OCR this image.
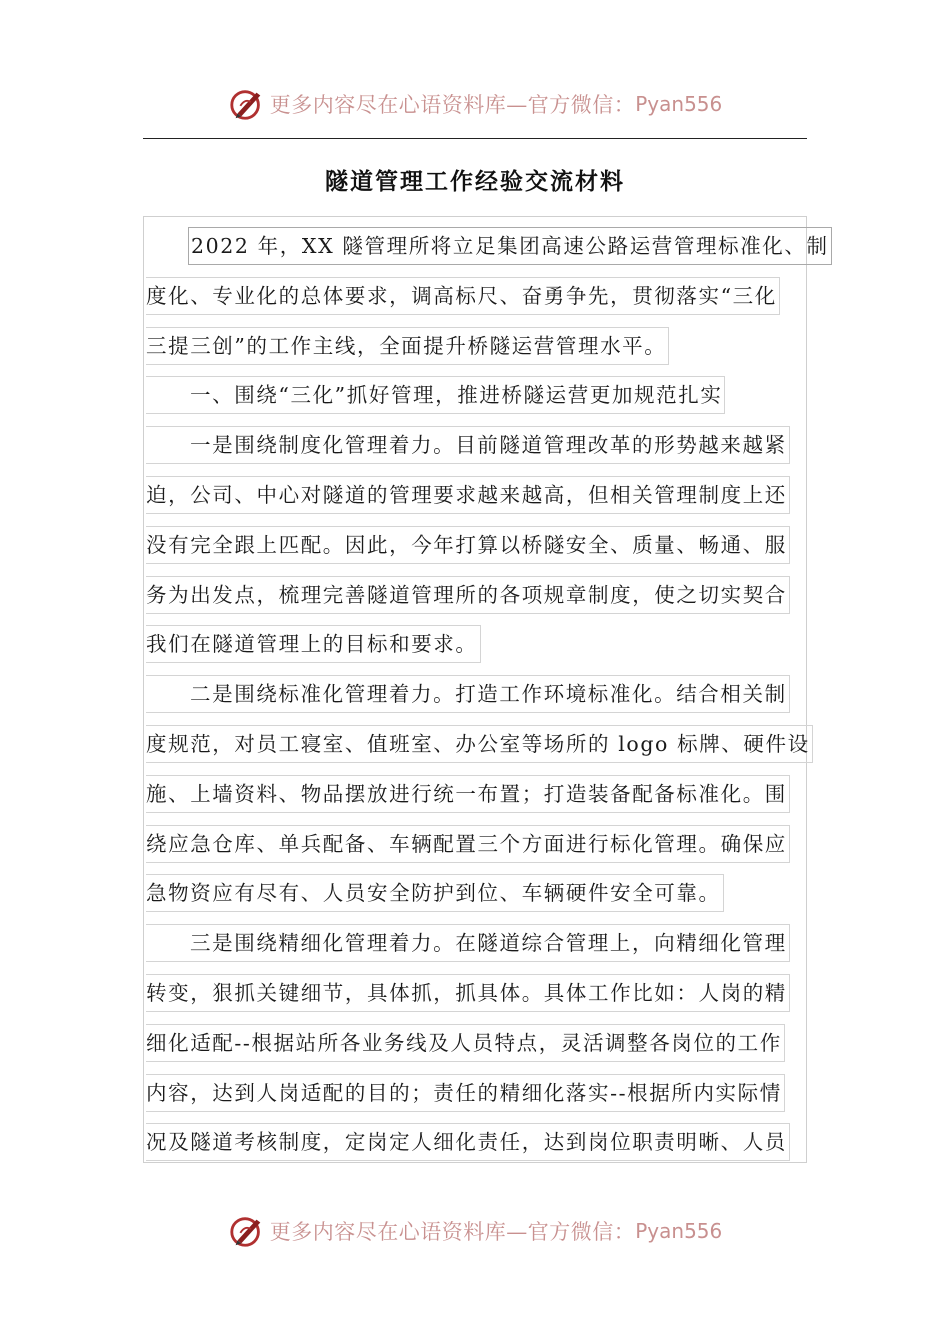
更多内容尽在心语资料库—官方微信： Pyan556
隧道管理工作经验交流材料
2022 年，XX 隧管理所将立足集团高速公路运营管理标准化、制
度化、专业化的总体要求，调高标尺、奋勇争先，贯彻落实“三化
三提三创”的工作主线，全面提升桥隧运营管理水平。
一、围绕“三化”抓好管理，推进桥隧运营更加规范扎实
一是围绕制度化管理着力。目前隧道管理改革的形势越来越紧
迫，公司、中心对隧道的管理要求越来越高，但相关管理制度上还
没有完全跟上匹配。因此，今年打算以桥隧安全、质量、畅通、服
务为出发点，梳理完善隧道管理所的各项规章制度，使之切实契合
我们在隧道管理上的目标和要求。
二是围绕标准化管理着力。打造工作环境标准化。结合相关制
度规范，对员工寝室、值班室、办公室等场所的 logo 标牌、硬件设
施、上墙资料、物品摆放进行统一布置；打造装备配备标准化。围
绕应急仓库、单兵配备、车辆配置三个方面进行标化管理。确保应
急物资应有尽有、人员安全防护到位、车辆硬件安全可靠。
三是围绕精细化管理着力。在隧道综合管理上，向精细化管理
转变，狠抓关键细节，具体抓，抓具体。具体工作比如：人岗的精
细化适配--根据站所各业务线及人员特点，灵活调整各岗位的工作
内容，达到人岗适配的目的；责任的精细化落实--根据所内实际情
况及隧道考核制度，定岗定人细化责任，达到岗位职责明晰、人员
更多内容尽在心语资料库—官方微信： Pyan556
